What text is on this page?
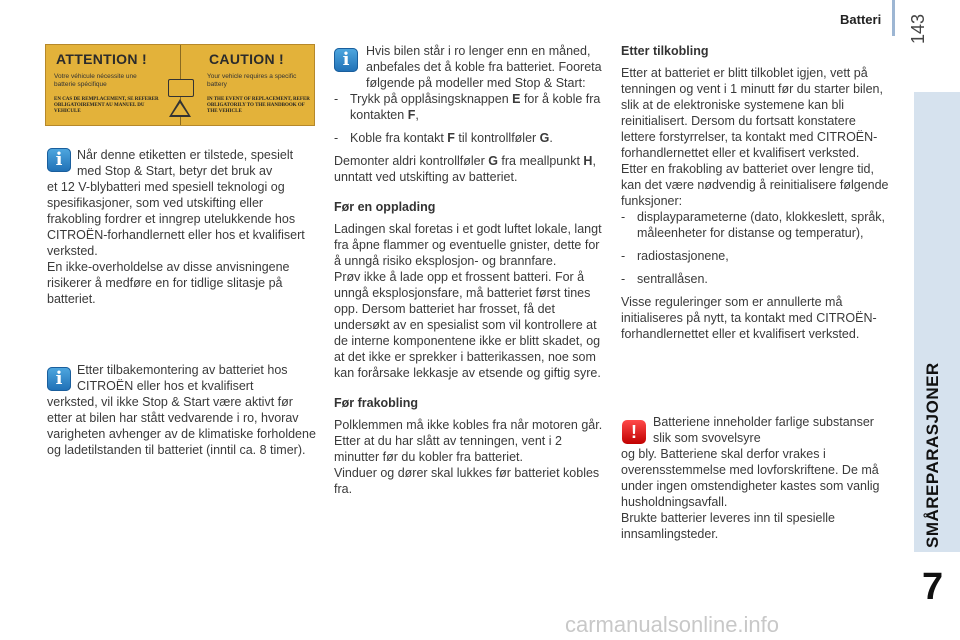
Batteri 143
SMÅREPARASJONER
7
ATTENTION !
Votre véhicule nécessite une batterie spécifique
EN CAS DE REMPLACEMENT, SE REFERER OBLIGATOIREMENT AU MANUEL DU VEHICULE
CAUTION !
Your vehicle requires a specific battery
IN THE EVENT OF REPLACEMENT, REFER OBLIGATORILY TO THE HANDBOOK OF THE VEHICLE
i	Når denne etiketten er tilstede, spesielt med Stop & Start, betyr det bruk av

et 12 V-blybatteri med spesiell teknologi og spesifikasjoner, som ved utskifting eller frakobling fordrer et inngrep utelukkende hos CITROËN-forhandlernett eller hos et kvalifisert verksted.

En ikke-overholdelse av disse anvisningene risikerer å medføre en for tidlige slitasje på batteriet.

i	Etter tilbakemontering av batteriet hos CITROËN eller hos et kvalifisert

verksted, vil ikke Stop & Start være aktivt før etter at bilen har stått vedvarende i ro, hvorav varigheten avhenger av de klimatiske forholdene og ladetilstanden til batteriet (inntil ca. 8 timer).

i	Hvis bilen står i ro lenger enn en måned, anbefales det å koble fra batteriet. Fooreta følgende på modeller med Stop & Start:

- Trykk på opplåsingsknappen E for å koble fra kontakten F,
- Koble fra kontakt F til kontrollføler G.

Demonter aldri kontrollføler G fra meallpunkt H, unntatt ved utskifting av batteriet.

Før en opplading

Ladingen skal foretas i et godt luftet lokale, langt fra åpne flammer og eventuelle gnister, dette for å unngå risiko eksplosjon- og brannfare.

Prøv ikke å lade opp et frossent batteri. For å unngå eksplosjonsfare, må batteriet først tines opp. Dersom batteriet har frosset, få det undersøkt av en spesialist som vil kontrollere at de interne komponentene ikke er blitt skadet, og at det ikke er sprekker i batterikassen, noe som kan forårsake lekkasje av etsende og giftig syre.

Før frakobling

Polklemmen må ikke kobles fra når motoren går.

Etter at du har slått av tenningen, vent i 2 minutter før du kobler fra batteriet.

Vinduer og dører skal lukkes før batteriet kobles fra.

Etter tilkobling

Etter at batteriet er blitt tilkoblet igjen, vett på tenningen og vent i 1 minutt før du starter bilen, slik at de elektroniske systemene kan bli reinitialisert. Dersom du fortsatt konstatere lettere forstyrrelser, ta kontakt med CITROËN-forhandlernettet eller et kvalifisert verksted.

Etter en frakobling av batteriet over lengre tid, kan det være nødvendig å reinitialisere følgende funksjoner:

- displayparameterne (dato, klokkeslett, språk, måleenheter for distanse og temperatur),
- radiostasjonene,
- sentrallåsen.

Visse reguleringer som er annullerte må initialiseres på nytt, ta kontakt med CITROËN-forhandlernettet eller et kvalifisert verksted.

!	Batteriene inneholder farlige substanser slik som svovelsyre

og bly. Batteriene skal derfor vrakes i overensstemmelse med lovforskriftene. De må under ingen omstendigheter kastes som vanlig husholdningsavfall.

Brukte batterier leveres inn til spesielle innsamlingsteder.

carmanualsonline.info
